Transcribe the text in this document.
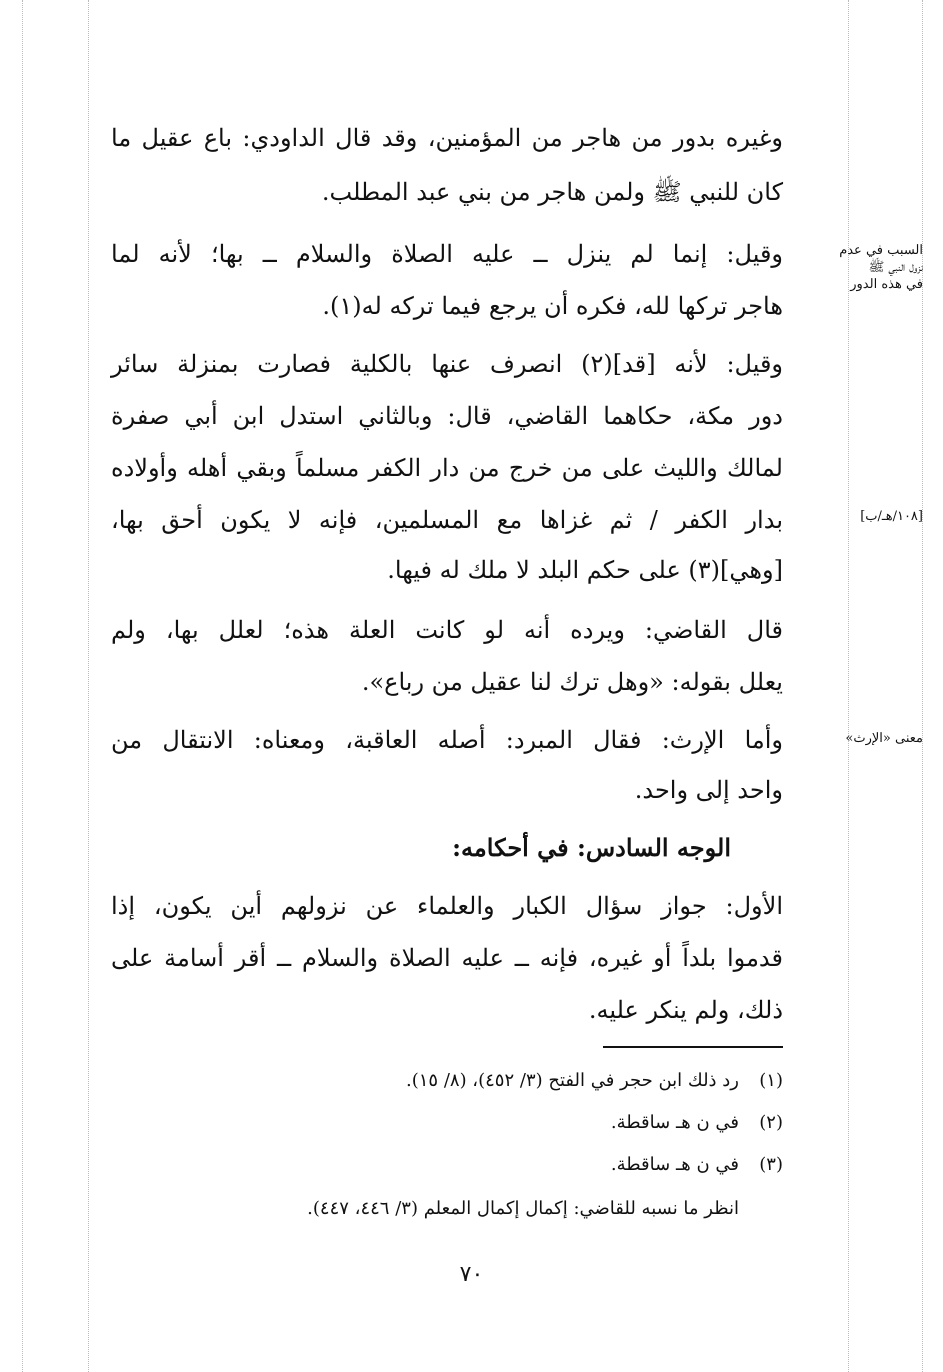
وغيره بدور من هاجر من المؤمنين، وقد قال الداودي: باع عقيل ما
كان للنبي ﷺ ولمن هاجر من بني عبد المطلب.
وقيل: إنما لم ينزل ــ عليه الصلاة والسلام ــ بها؛ لأنه لما
هاجر تركها لله، فكره أن يرجع فيما تركه له(١).
وقيل: لأنه [قد](٢) انصرف عنها بالكلية فصارت بمنزلة سائر
دور مكة، حكاهما القاضي، قال: وبالثاني استدل ابن أبي صفرة
لمالك والليث على من خرج من دار الكفر مسلماً وبقي أهله وأولاده
بدار الكفر / ثم غزاها مع المسلمين، فإنه لا يكون أحق بها،
[وهي](٣) على حكم البلد لا ملك له فيها.
قال القاضي: ويرده أنه لو كانت العلة هذه؛ لعلل بها، ولم
يعلل بقوله: «وهل ترك لنا عقيل من رباع».
وأما الإرث: فقال المبرد: أصله العاقبة، ومعناه: الانتقال من
واحد إلى واحد.
الوجه السادس: في أحكامه:
الأول: جواز سؤال الكبار والعلماء عن نزولهم أين يكون، إذا
قدموا بلداً أو غيره، فإنه ــ عليه الصلاة والسلام ــ أقر أسامة على
ذلك، ولم ينكر عليه.
السبب في عدم
نزول النبي ﷺ
في هذه الدور
[١٠٨/هـ/ب]
معنى «الإرث»
(١)رد ذلك ابن حجر في الفتح (٣/ ٤٥٢)، (٨/ ١٥).
(٢)في ن هـ ساقطة.
(٣)في ن هـ ساقطة.
انظر ما نسبه للقاضي: إكمال إكمال المعلم (٣/ ٤٤٦، ٤٤٧).
٧٠
